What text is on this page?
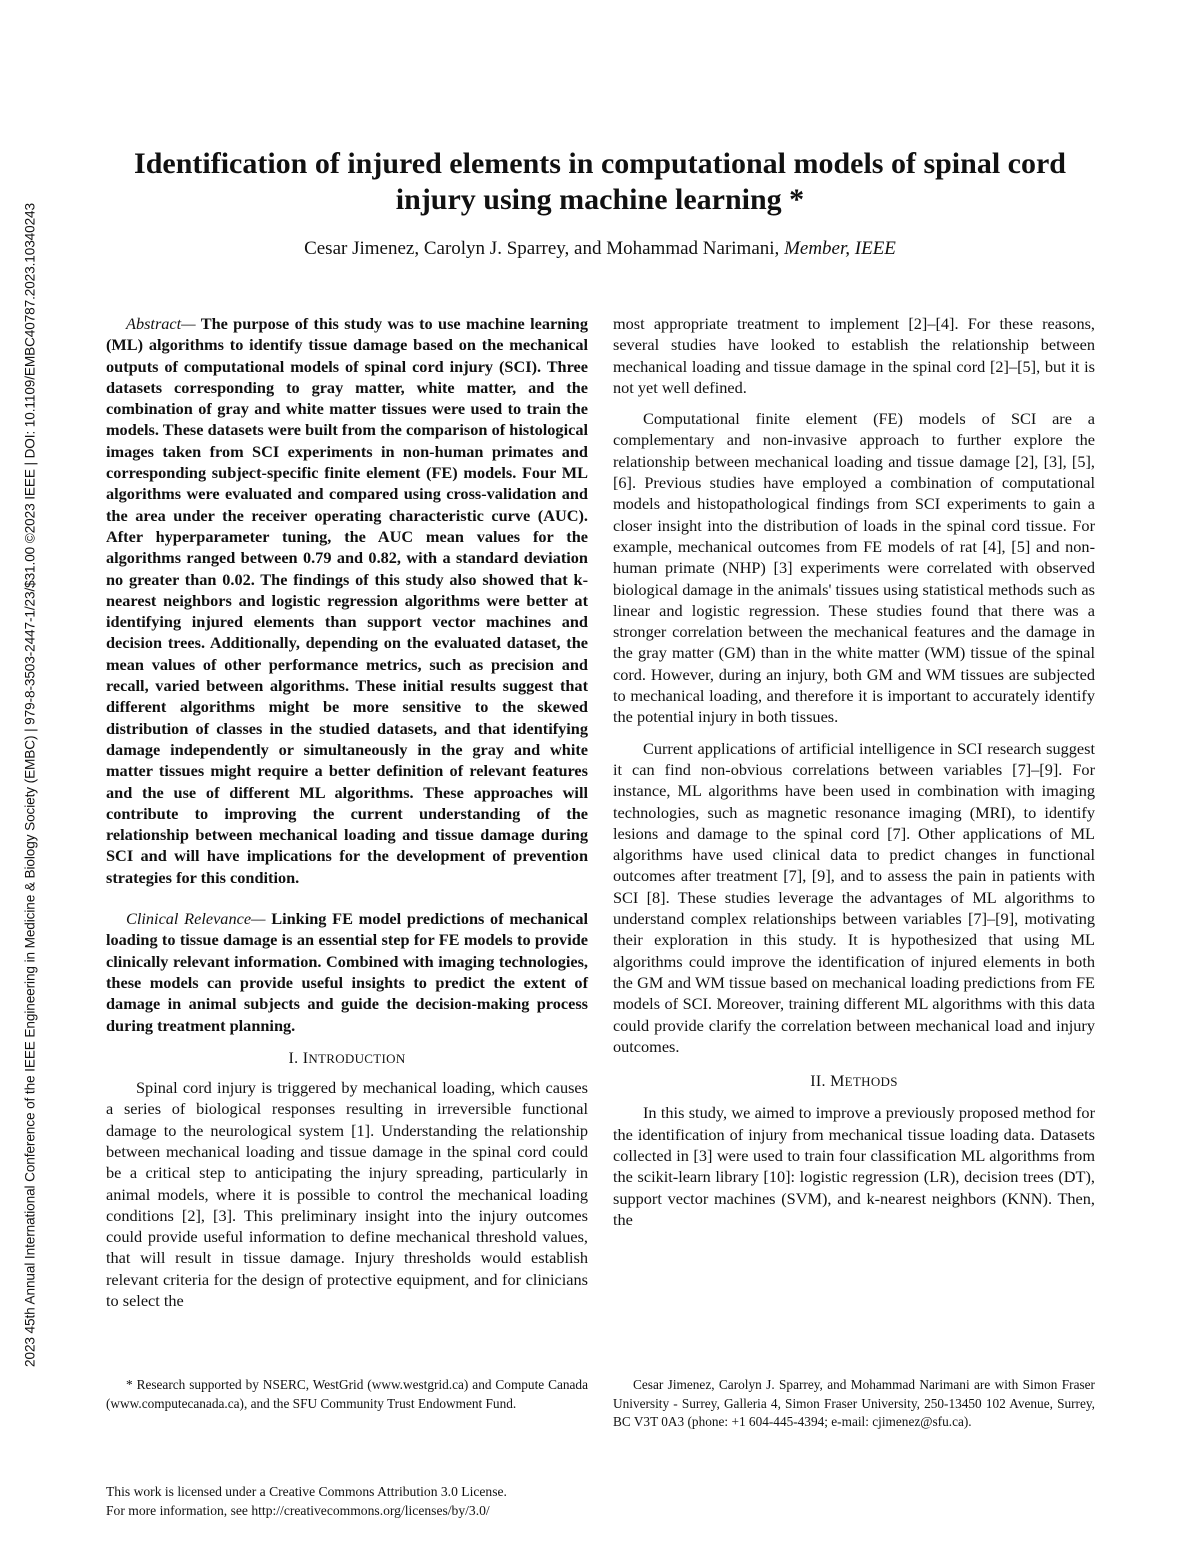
2023 45th Annual International Conference of the IEEE Engineering in Medicine & Biology Society (EMBC) | 979-8-3503-2447-1/23/$31.00 ©2023 IEEE | DOI: 10.1109/EMBC40787.2023.10340243
Identification of injured elements in computational models of spinal cord injury using machine learning *
Cesar Jimenez, Carolyn J. Sparrey, and Mohammad Narimani, Member, IEEE

Abstract— The purpose of this study was to use machine learning (ML) algorithms to identify tissue damage based on the mechanical outputs of computational models of spinal cord injury (SCI). Three datasets corresponding to gray matter, white matter, and the combination of gray and white matter tissues were used to train the models. These datasets were built from the comparison of histological images taken from SCI experiments in non-human primates and corresponding subject-specific finite element (FE) models. Four ML algorithms were evaluated and compared using cross-validation and the area under the receiver operating characteristic curve (AUC). After hyperparameter tuning, the AUC mean values for the algorithms ranged between 0.79 and 0.82, with a standard deviation no greater than 0.02. The findings of this study also showed that k-nearest neighbors and logistic regression algorithms were better at identifying injured elements than support vector machines and decision trees. Additionally, depending on the evaluated dataset, the mean values of other performance metrics, such as precision and recall, varied between algorithms. These initial results suggest that different algorithms might be more sensitive to the skewed distribution of classes in the studied datasets, and that identifying damage independently or simultaneously in the gray and white matter tissues might require a better definition of relevant features and the use of different ML algorithms. These approaches will contribute to improving the current understanding of the relationship between mechanical loading and tissue damage during SCI and will have implications for the development of prevention strategies for this condition.

Clinical Relevance— Linking FE model predictions of mechanical loading to tissue damage is an essential step for FE models to provide clinically relevant information. Combined with imaging technologies, these models can provide useful insights to predict the extent of damage in animal subjects and guide the decision-making process during treatment planning.

I. INTRODUCTION

Spinal cord injury is triggered by mechanical loading, which causes a series of biological responses resulting in irreversible functional damage to the neurological system [1]. Understanding the relationship between mechanical loading and tissue damage in the spinal cord could be a critical step to anticipating the injury spreading, particularly in animal models, where it is possible to control the mechanical loading conditions [2], [3]. This preliminary insight into the injury outcomes could provide useful information to define mechanical threshold values, that will result in tissue damage. Injury thresholds would establish relevant criteria for the design of protective equipment, and for clinicians to select the

most appropriate treatment to implement [2]–[4]. For these reasons, several studies have looked to establish the relationship between mechanical loading and tissue damage in the spinal cord [2]–[5], but it is not yet well defined.

Computational finite element (FE) models of SCI are a complementary and non-invasive approach to further explore the relationship between mechanical loading and tissue damage [2], [3], [5], [6]. Previous studies have employed a combination of computational models and histopathological findings from SCI experiments to gain a closer insight into the distribution of loads in the spinal cord tissue. For example, mechanical outcomes from FE models of rat [4], [5] and non-human primate (NHP) [3] experiments were correlated with observed biological damage in the animals' tissues using statistical methods such as linear and logistic regression. These studies found that there was a stronger correlation between the mechanical features and the damage in the gray matter (GM) than in the white matter (WM) tissue of the spinal cord. However, during an injury, both GM and WM tissues are subjected to mechanical loading, and therefore it is important to accurately identify the potential injury in both tissues.

Current applications of artificial intelligence in SCI research suggest it can find non-obvious correlations between variables [7]–[9]. For instance, ML algorithms have been used in combination with imaging technologies, such as magnetic resonance imaging (MRI), to identify lesions and damage to the spinal cord [7]. Other applications of ML algorithms have used clinical data to predict changes in functional outcomes after treatment [7], [9], and to assess the pain in patients with SCI [8]. These studies leverage the advantages of ML algorithms to understand complex relationships between variables [7]–[9], motivating their exploration in this study. It is hypothesized that using ML algorithms could improve the identification of injured elements in both the GM and WM tissue based on mechanical loading predictions from FE models of SCI. Moreover, training different ML algorithms with this data could provide clarify the correlation between mechanical load and injury outcomes.

II. METHODS

In this study, we aimed to improve a previously proposed method for the identification of injury from mechanical tissue loading data. Datasets collected in [3] were used to train four classification ML algorithms from the scikit-learn library [10]: logistic regression (LR), decision trees (DT), support vector machines (SVM), and k-nearest neighbors (KNN). Then, the

* Research supported by NSERC, WestGrid (www.westgrid.ca) and Compute Canada (www.computecanada.ca), and the SFU Community Trust Endowment Fund.
Cesar Jimenez, Carolyn J. Sparrey, and Mohammad Narimani are with Simon Fraser University - Surrey, Galleria 4, Simon Fraser University, 250-13450 102 Avenue, Surrey, BC V3T 0A3 (phone: +1 604-445-4394; e-mail: cjimenez@sfu.ca).
This work is licensed under a Creative Commons Attribution 3.0 License.
For more information, see http://creativecommons.org/licenses/by/3.0/
